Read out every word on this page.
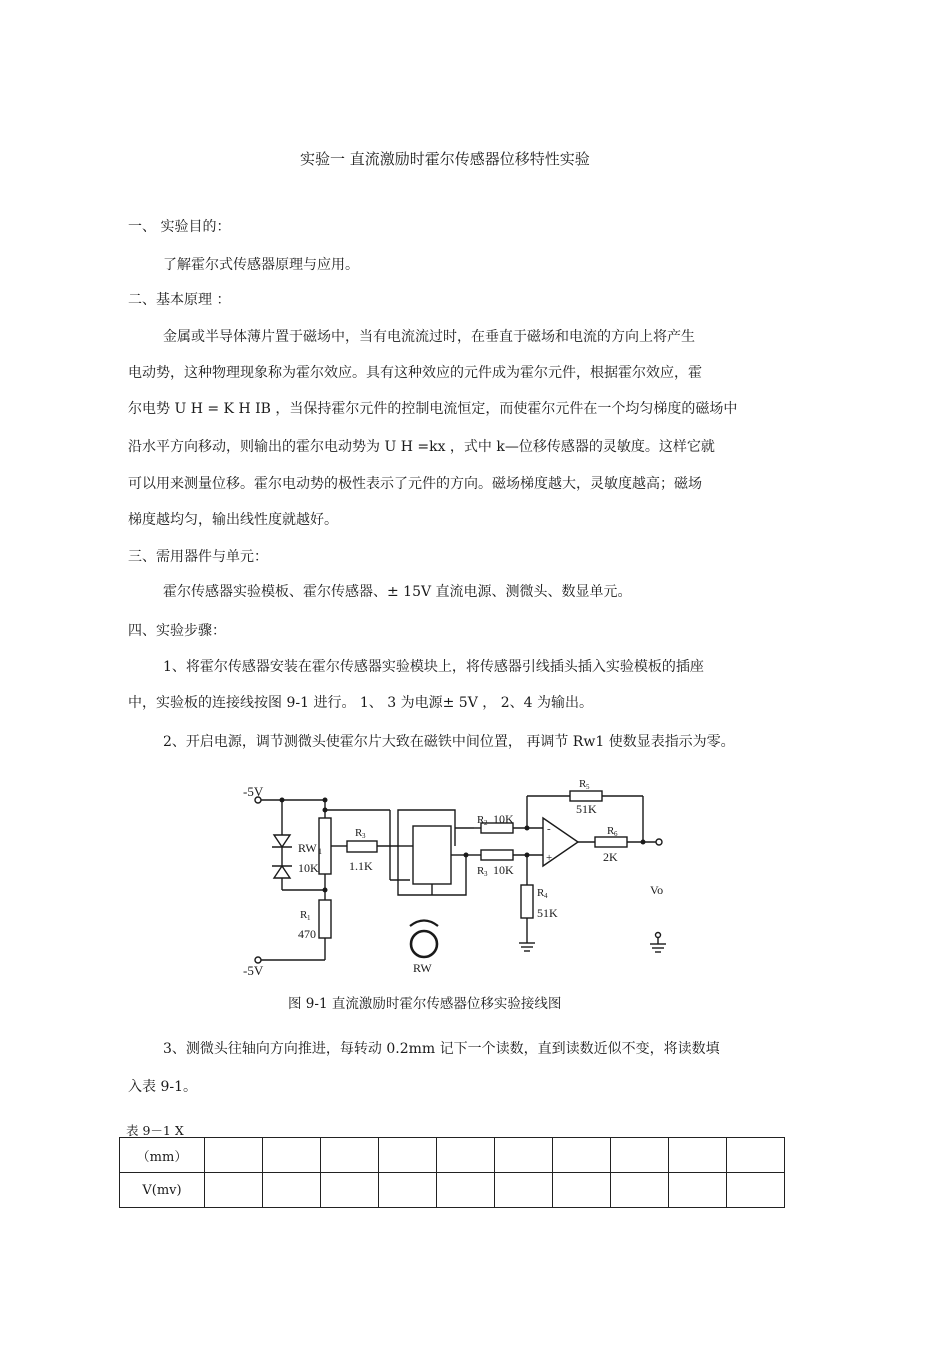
实验一 直流激励时霍尔传感器位移特性实验
一、 实验目的：
了解霍尔式传感器原理与应用。
二、基本原理 ：
金属或半导体薄片置于磁场中，当有电流流过时，在垂直于磁场和电流的方向上将产生
电动势，这种物理现象称为霍尔效应。具有这种效应的元件成为霍尔元件，根据霍尔效应，霍
尔电势 U H = K H IB ，当保持霍尔元件的控制电流恒定，而使霍尔元件在一个均匀梯度的磁场中
沿水平方向移动，则输出的霍尔电动势为 U H =kx ，式中 k—位移传感器的灵敏度。这样它就
可以用来测量位移。霍尔电动势的极性表示了元件的方向。磁场梯度越大，灵敏度越高；磁场
梯度越均匀，输出线性度就越好。
三、需用器件与单元：
霍尔传感器实验模板、霍尔传感器、± 15V 直流电源、测微头、数显单元。
四、实验步骤：
1、将霍尔传感器安装在霍尔传感器实验模块上，将传感器引线插头插入实验模板的插座
中，实验板的连接线按图 9-1 进行。 1、 3 为电源± 5V ， 2、4 为输出。
2、开启电源，调节测微头使霍尔片大致在磁铁中间位置， 再调节 Rw1 使数显表指示为零。
-5V
-5V
RW 1
10K
R 3
1.1K
R 1
470
R 2 10K
R 3 10K
R 5
51K
R 6
2K
R 4
51K
Vo
RW
-
+
图 9-1 直流激励时霍尔传感器位移实验接线图
3、测微头往轴向方向推进，每转动 0.2mm 记下一个读数，直到读数近似不变，将读数填
入表 9-1。
表 9－1 X
（mm）										
V(mv)										
